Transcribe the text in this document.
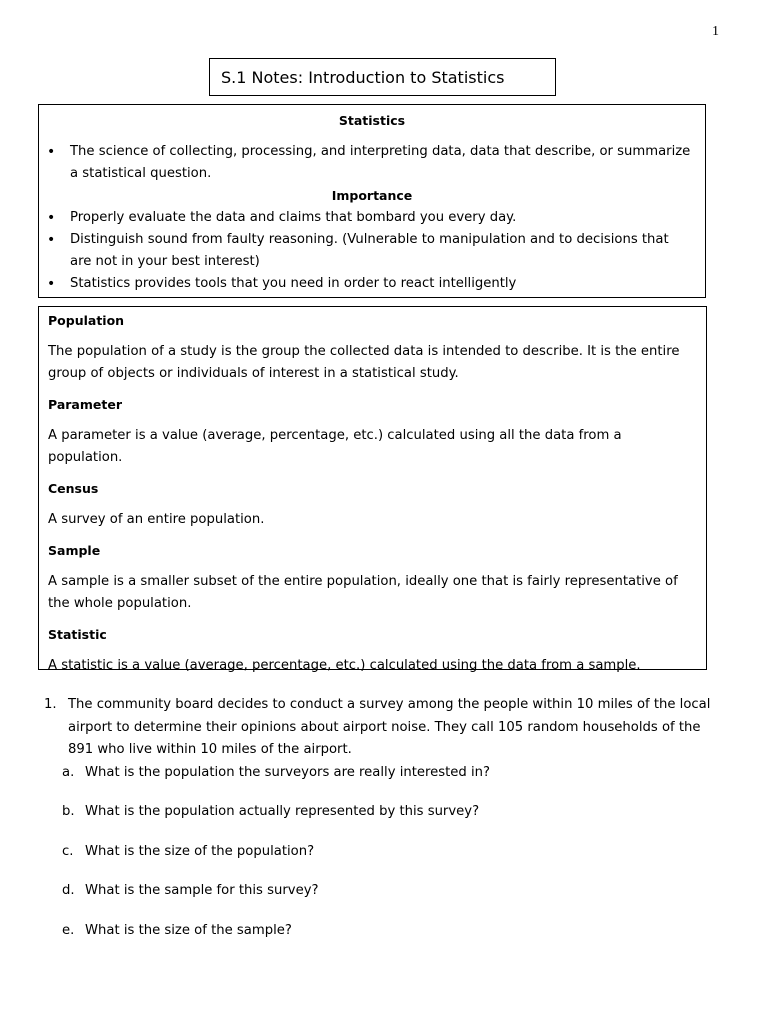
1
S.1 Notes: Introduction to Statistics
Statistics
• The science of collecting, processing, and interpreting data, data that describe, or summarize a statistical question.
Importance
• Properly evaluate the data and claims that bombard you every day.
• Distinguish sound from faulty reasoning. (Vulnerable to manipulation and to decisions that are not in your best interest)
• Statistics provides tools that you need in order to react intelligently
Population
The population of a study is the group the collected data is intended to describe. It is the entire group of objects or individuals of interest in a statistical study.
Parameter
A parameter is a value (average, percentage, etc.) calculated using all the data from a population.
Census
A survey of an entire population.
Sample
A sample is a smaller subset of the entire population, ideally one that is fairly representative of the whole population.
Statistic
A statistic is a value (average, percentage, etc.) calculated using the data from a sample.
1. The community board decides to conduct a survey among the people within 10 miles of the local airport to determine their opinions about airport noise. They call 105 random households of the 891 who live within 10 miles of the airport.
a. What is the population the surveyors are really interested in?
b. What is the population actually represented by this survey?
c. What is the size of the population?
d. What is the sample for this survey?
e. What is the size of the sample?
